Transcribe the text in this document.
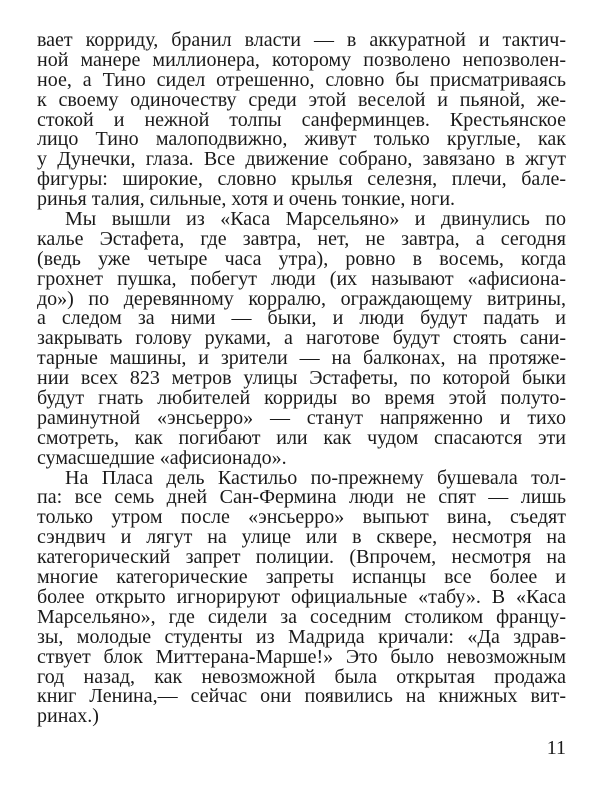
вает корриду, бранил власти — в аккуратной и тактич-
ной манере миллионера, которому позволено непозволен-
ное, а Тино сидел отрешенно, словно бы присматриваясь
к своему одиночеству среди этой веселой и пьяной, же-
стокой и нежной толпы санферминцев. Крестьянское
лицо Тино малоподвижно, живут только круглые, как
у Дунечки, глаза. Все движение собрано, завязано в жгут
фигуры: широкие, словно крылья селезня, плечи, бале-
ринья талия, сильные, хотя и очень тонкие, ноги.
Мы вышли из «Каса Марсельяно» и двинулись по
калье Эстафета, где завтра, нет, не завтра, а сегодня
(ведь уже четыре часа утра), ровно в восемь, когда
грохнет пушка, побегут люди (их называют «афисиона-
до») по деревянному корралю, ограждающему витрины,
а следом за ними — быки, и люди будут падать и
закрывать голову руками, а наготове будут стоять сани-
тарные машины, и зрители — на балконах, на протяже-
нии всех 823 метров улицы Эстафеты, по которой быки
будут гнать любителей корриды во время этой полуто-
раминутной «энсьерро» — станут напряженно и тихо
смотреть, как погибают или как чудом спасаются эти
сумасшедшие «афисионадо».
На Пласа дель Кастильо по-прежнему бушевала тол-
па: все семь дней Сан-Фермина люди не спят — лишь
только утром после «энсьерро» выпьют вина, съедят
сэндвич и лягут на улице или в сквере, несмотря на
категорический запрет полиции. (Впрочем, несмотря на
многие категорические запреты испанцы все более и
более открыто игнорируют официальные «табу». В «Каса
Марсельяно», где сидели за соседним столиком францу-
зы, молодые студенты из Мадрида кричали: «Да здрав-
ствует блок Миттерана-Марше!» Это было невозможным
год назад, как невозможной была открытая продажа
книг Ленина,— сейчас они появились на книжных вит-
ринах.)
11
